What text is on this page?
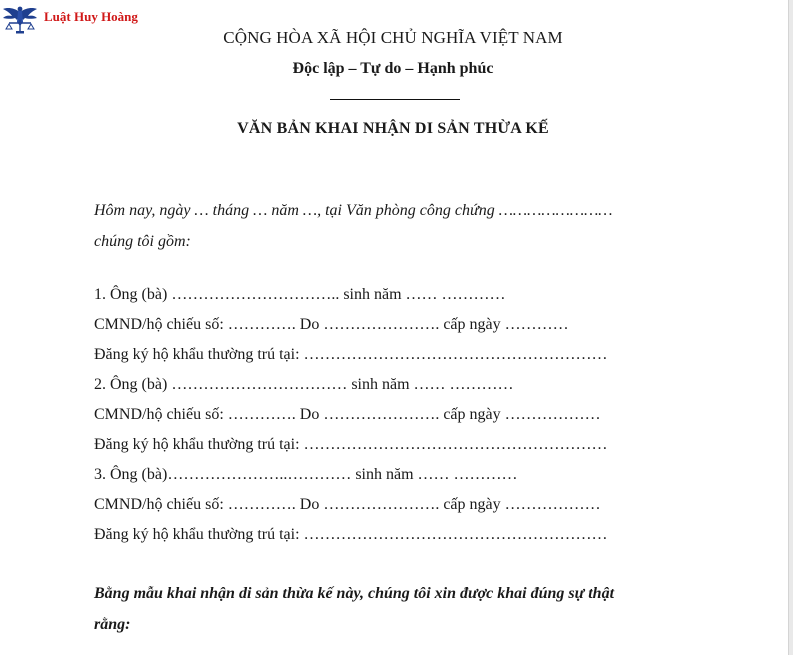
Luật Huy Hoàng
CỘNG HÒA XÃ HỘI CHỦ NGHĨA VIỆT NAM
Độc lập – Tự do – Hạnh phúc
VĂN BẢN KHAI NHẬN DI SẢN THỪA KẾ
Hôm nay, ngày … tháng … năm …, tại Văn phòng công chứng ……………………
chúng tôi gồm:
1. Ông (bà) ………………………….. sinh năm …… …………
CMND/hộ chiếu số: …………. Do …………………. cấp ngày …………
Đăng ký hộ khẩu thường trú tại: …………………………………………………
2. Ông (bà) …………………………… sinh năm …… …………
CMND/hộ chiếu số: …………. Do …………………. cấp ngày ………………
Đăng ký hộ khẩu thường trú tại: …………………………………………………
3. Ông (bà)…………………..………… sinh năm …… …………
CMND/hộ chiếu số: …………. Do …………………. cấp ngày ………………
Đăng ký hộ khẩu thường trú tại: …………………………………………………
Bằng mẫu khai nhận di sản thừa kế này, chúng tôi xin được khai đúng sự thật
rằng:
